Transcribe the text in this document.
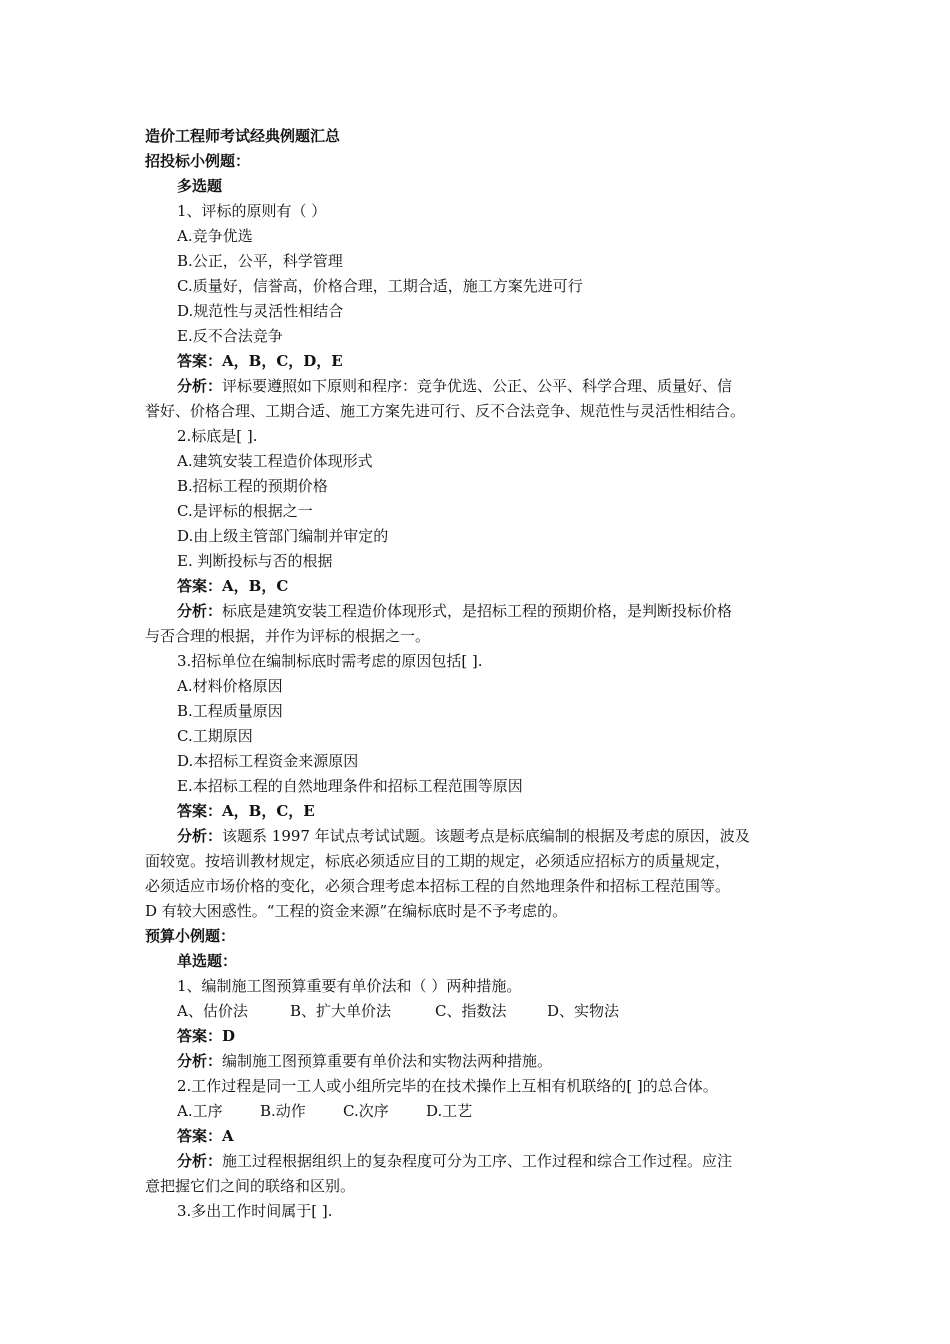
造价工程师考试经典例题汇总
招投标小例题：
多选题
1、评标的原则有（ ）
A.竞争优选
B.公正，公平，科学管理
C.质量好，信誉高，价格合理，工期合适，施工方案先进可行
D.规范性与灵活性相结合
E.反不合法竞争
答案：A，B，C，D，E
分析：评标要遵照如下原则和程序：竞争优选、公正、公平、科学合理、质量好、信
誉好、价格合理、工期合适、施工方案先进可行、反不合法竞争、规范性与灵活性相结合。
2.标底是[ ].
A.建筑安装工程造价体现形式
B.招标工程的预期价格
C.是评标的根据之一
D.由上级主管部门编制并审定的
E. 判断投标与否的根据
答案：A，B，C
分析：标底是建筑安装工程造价体现形式，是招标工程的预期价格，是判断投标价格
与否合理的根据，并作为评标的根据之一。
3.招标单位在编制标底时需考虑的原因包括[ ].
A.材料价格原因
B.工程质量原因
C.工期原因
D.本招标工程资金来源原因
E.本招标工程的自然地理条件和招标工程范围等原因
答案：A，B，C，E
分析：该题系 1997 年试点考试试题。该题考点是标底编制的根据及考虑的原因，波及
面较宽。按培训教材规定，标底必须适应目的工期的规定，必须适应招标方的质量规定，
必须适应市场价格的变化，必须合理考虑本招标工程的自然地理条件和招标工程范围等。
D 有较大困惑性。“工程的资金来源”在编标底时是不予考虑的。
预算小例题：
单选题：
1、编制施工图预算重要有单价法和（ ）两种措施。
A、估价法	B、扩大单价法	C、指数法	D、实物法
答案：D
分析：编制施工图预算重要有单价法和实物法两种措施。
2.工作过程是同一工人或小组所完毕的在技术操作上互相有机联络的[ ]的总合体。
A.工序 B.动作 C.次序 D.工艺
答案：A
分析：施工过程根据组织上的复杂程度可分为工序、工作过程和综合工作过程。应注
意把握它们之间的联络和区别。
3.多出工作时间属于[ ].
